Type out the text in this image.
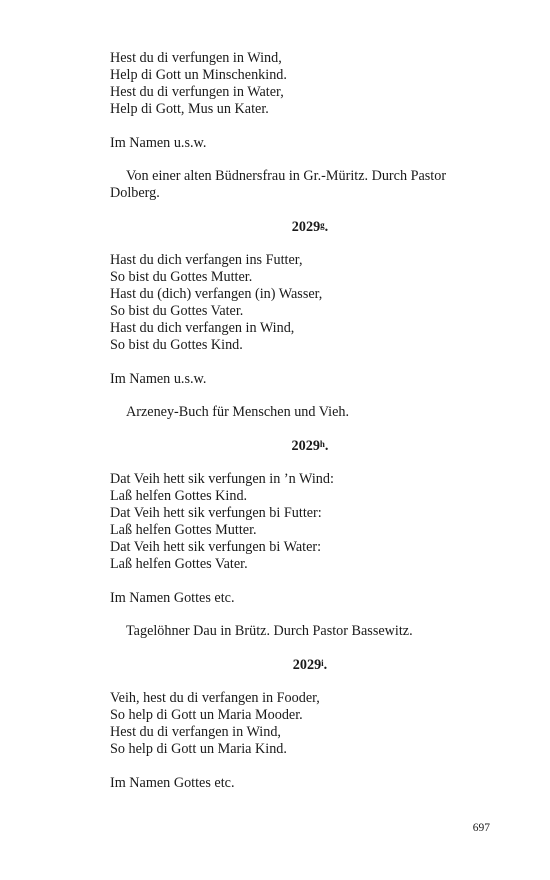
Hest du di verfungen in Wind,
Help di Gott un Minschenkind.
Hest du di verfungen in Water,
Help di Gott, Mus un Kater.
Im Namen u.s.w.
Von einer alten Büdnersfrau in Gr.-Müritz. Durch Pastor Dolberg.
2029$^g$.
Hast du dich verfangen ins Futter,
So bist du Gottes Mutter.
Hast du (dich) verfangen (in) Wasser,
So bist du Gottes Vater.
Hast du dich verfangen in Wind,
So bist du Gottes Kind.
Im Namen u.s.w.
Arzeney-Buch für Menschen und Vieh.
2029$^h$.
Dat Veih hett sik verfungen in ’n Wind:
Laß helfen Gottes Kind.
Dat Veih hett sik verfungen bi Futter:
Laß helfen Gottes Mutter.
Dat Veih hett sik verfungen bi Water:
Laß helfen Gottes Vater.
Im Namen Gottes etc.
Tagelöhner Dau in Brütz. Durch Pastor Bassewitz.
2029$^i$.
Veih, hest du di verfangen in Fooder,
So help di Gott un Maria Mooder.
Hest du di verfangen in Wind,
So help di Gott un Maria Kind.
Im Namen Gottes etc.
697
